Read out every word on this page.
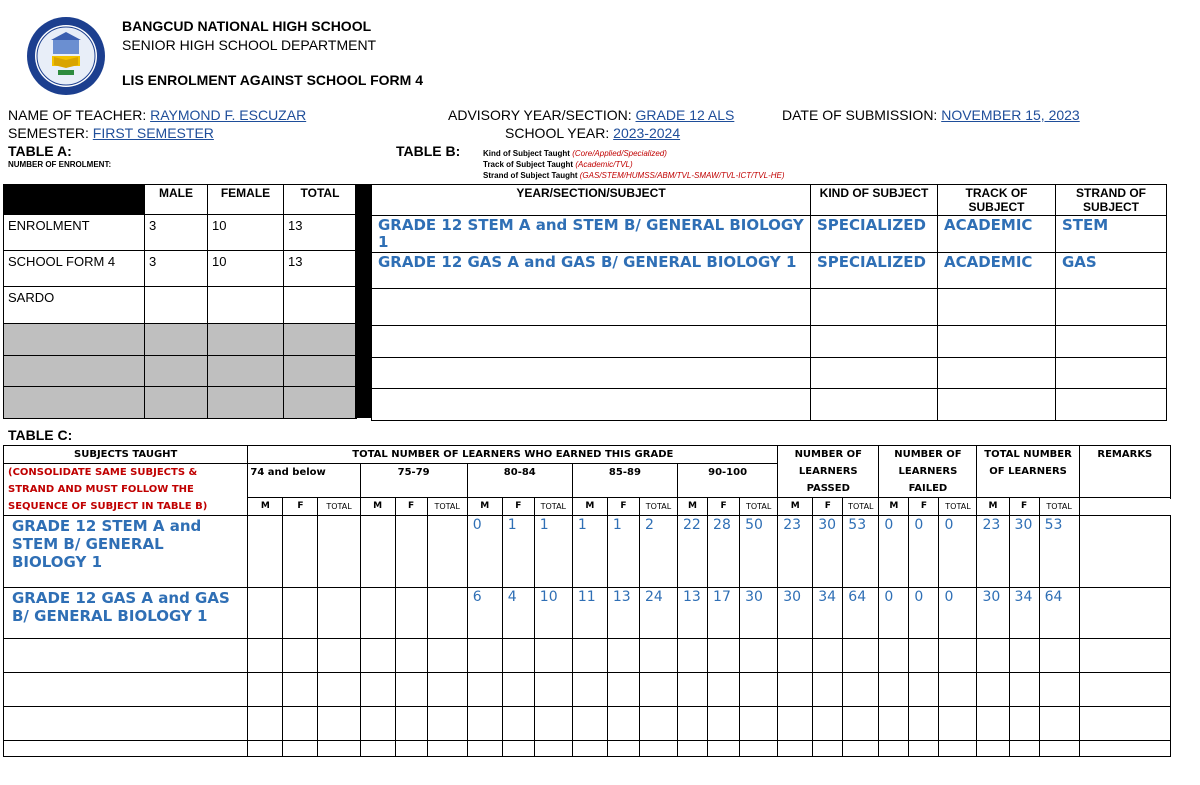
BANGCUD NATIONAL HIGH SCHOOL
SENIOR HIGH SCHOOL DEPARTMENT
LIS ENROLMENT AGAINST SCHOOL FORM 4
NAME OF TEACHER: RAYMOND F. ESCUZAR	ADVISORY YEAR/SECTION: GRADE 12 ALS	DATE OF SUBMISSION: NOVEMBER 15, 2023
SEMESTER: FIRST SEMESTER	SCHOOL YEAR: 2023-2024
TABLE A:
NUMBER OF ENROLMENT:
TABLE B:	Kind of Subject Taught (Core/Applied/Specialized)
Track of Subject Taught (Academic/TVL)
Strand of Subject Taught (GAS/STEM/HUMSS/ABM/TVL-SMAW/TVL-ICT/TVL-HE)
	MALE	FEMALE	TOTAL
ENROLMENT	3	10	13
SCHOOL FORM 4	3	10	13
SARDO			

YEAR/SECTION/SUBJECT	KIND OF SUBJECT	TRACK OF SUBJECT	STRAND OF SUBJECT
GRADE 12 STEM A and STEM B/ GENERAL BIOLOGY 1	SPECIALIZED	ACADEMIC	STEM
GRADE 12 GAS A and GAS B/ GENERAL BIOLOGY 1	SPECIALIZED	ACADEMIC	GAS

TABLE C:
SUBJECTS TAUGHT	TOTAL NUMBER OF LEARNERS WHO EARNED THIS GRADE															NUMBER OF LEARNERS PASSED			NUMBER OF LEARNERS FAILED			TOTAL NUMBER OF LEARNERS			REMARKS
(CONSOLIDATE SAME SUBJECTS & STRAND AND MUST FOLLOW THE SEQUENCE OF SUBJECT IN TABLE B)	74 and below			75-79			80-84			85-89			90-100												

	M	F	TOTAL	M	F	TOTAL	M	F	TOTAL	M	F	TOTAL	M	F	TOTAL	M	F	TOTAL	M	F	TOTAL	M	F	TOTAL	
GRADE 12 STEM A and STEM B/ GENERAL BIOLOGY 1							0	1	1	1	1	2	22	28	50	23	30	53	0	0	0	23	30	53	
GRADE 12 GAS A and GAS B/ GENERAL BIOLOGY 1							6	4	10	11	13	24	13	17	30	30	34	64	0	0	0	30	34	64	
